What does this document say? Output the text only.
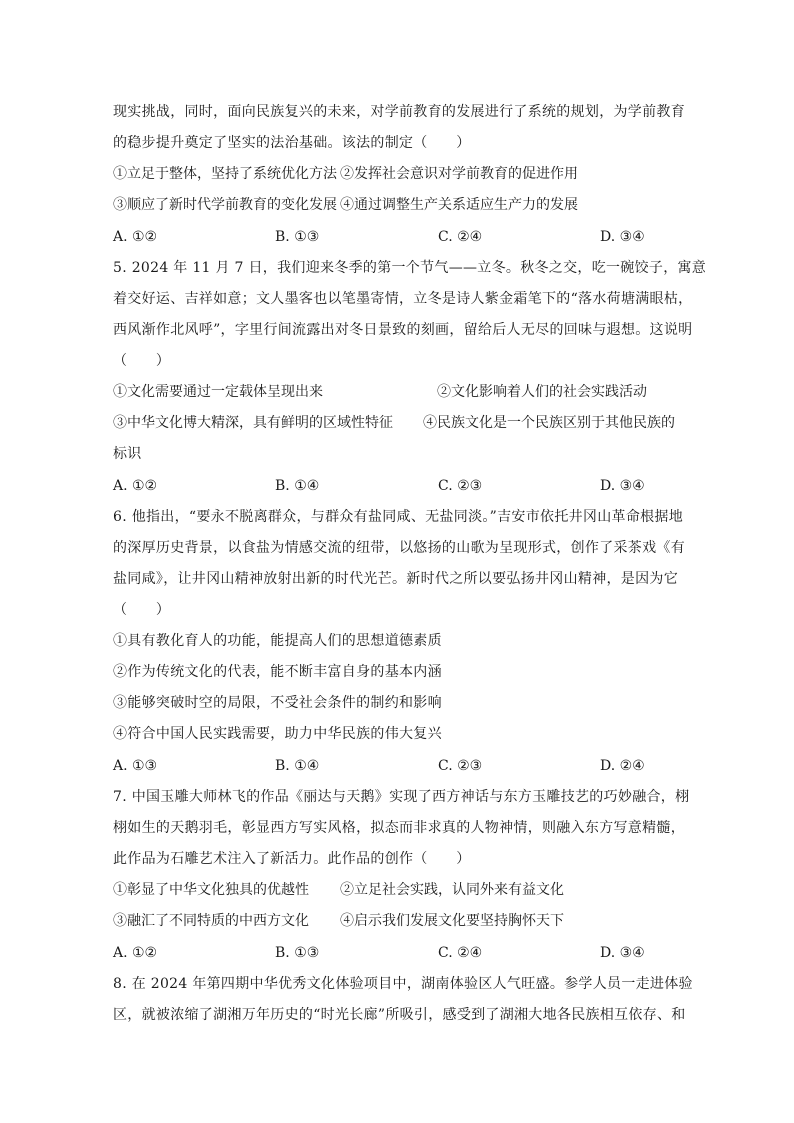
现实挑战，同时，面向民族复兴的未来，对学前教育的发展进行了系统的规划，为学前教育
的稳步提升奠定了坚实的法治基础。该法的制定（　　）
①立足于整体，坚持了系统优化方法 ②发挥社会意识对学前教育的促进作用
③顺应了新时代学前教育的变化发展 ④通过调整生产关系适应生产力的发展
A. ①②	B. ①③	C. ②④	D. ③④
5. 2024 年 11 月 7 日，我们迎来冬季的第一个节气——立冬。秋冬之交，吃一碗饺子，寓意
着交好运、吉祥如意；文人墨客也以笔墨寄情，立冬是诗人紫金霜笔下的“落水荷塘满眼枯，
西风渐作北风呼”，字里行间流露出对冬日景致的刻画，留给后人无尽的回味与遐想。这说明
（　　）
①文化需要通过一定载体呈现出来	②文化影响着人们的社会实践活动
③中华文化博大精深，具有鲜明的区域性特征 ④民族文化是一个民族区别于其他民族的
标识
A. ①②	B. ①④	C. ②③	D. ③④
6. 他指出，“要永不脱离群众，与群众有盐同咸、无盐同淡。”吉安市依托井冈山革命根据地
的深厚历史背景，以食盐为情感交流的纽带，以悠扬的山歌为呈现形式，创作了采茶戏《有
盐同咸》，让井冈山精神放射出新的时代光芒。新时代之所以要弘扬井冈山精神，是因为它
（　　）
①具有教化育人的功能，能提高人们的思想道德素质
②作为传统文化的代表，能不断丰富自身的基本内涵
③能够突破时空的局限，不受社会条件的制约和影响
④符合中国人民实践需要，助力中华民族的伟大复兴
A. ①③	B. ①④	C. ②③	D. ②④
7. 中国玉雕大师林飞的作品《丽达与天鹅》实现了西方神话与东方玉雕技艺的巧妙融合，栩
栩如生的天鹅羽毛，彰显西方写实风格，拟态而非求真的人物神情，则融入东方写意精髓，
此作品为石雕艺术注入了新活力。此作品的创作（　　）
①彰显了中华文化独具的优越性 ②立足社会实践，认同外来有益文化
③融汇了不同特质的中西方文化 ④启示我们发展文化要坚持胸怀天下
A. ①②	B. ①③	C. ②④	D. ③④
8. 在 2024 年第四期中华优秀文化体验项目中，湖南体验区人气旺盛。参学人员一走进体验
区，就被浓缩了湖湘万年历史的“时光长廊”所吸引，感受到了湖湘大地各民族相互依存、和
